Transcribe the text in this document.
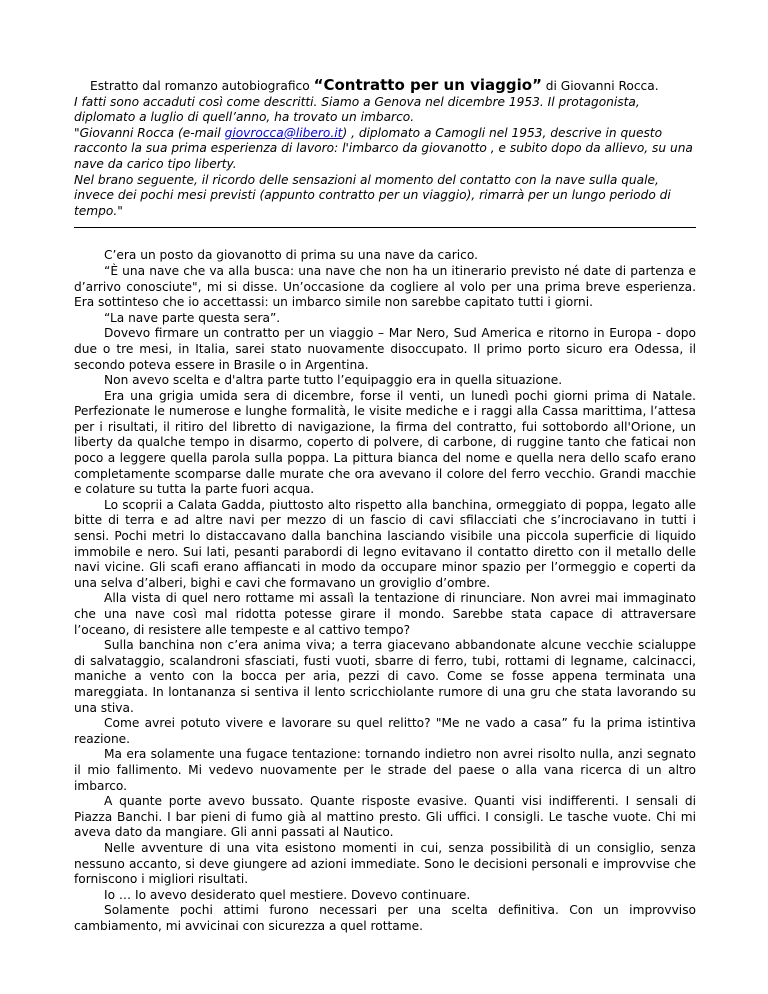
Estratto dal romanzo autobiografico “Contratto per un viaggio” di Giovanni Rocca.
I fatti sono accaduti così come descritti. Siamo a Genova nel dicembre 1953. Il protagonista, diplomato a luglio di quell’anno, ha trovato un imbarco.
"Giovanni Rocca (e-mail giovrocca@libero.it) , diplomato a Camogli nel 1953, descrive in questo racconto la sua prima esperienza di lavoro: l'imbarco da giovanotto , e subito dopo da allievo, su una nave da carico tipo liberty.
Nel brano seguente, il ricordo delle sensazioni al momento del contatto con la nave sulla quale, invece dei pochi mesi previsti (appunto contratto per un viaggio), rimarrà per un lungo periodo di tempo."

C’era un posto da giovanotto di prima su una nave da carico.

“È una nave che va alla busca: una nave che non ha un itinerario previsto né date di partenza e d’arrivo conosciute", mi si disse. Un’occasione da cogliere al volo per una prima breve esperienza. Era sottinteso che io accettassi: un imbarco simile non sarebbe capitato tutti i giorni.

“La nave parte questa sera”.

Dovevo firmare un contratto per un viaggio – Mar Nero, Sud America e ritorno in Europa - dopo due o tre mesi, in Italia, sarei stato nuovamente disoccupato. Il primo porto sicuro era Odessa, il secondo poteva essere in Brasile o in Argentina.

Non avevo scelta e d'altra parte tutto l’equipaggio era in quella situazione.

Era una grigia umida sera di dicembre, forse il venti, un lunedì pochi giorni prima di Natale. Perfezionate le numerose e lunghe formalità, le visite mediche e i raggi alla Cassa marittima, l’attesa per i risultati, il ritiro del libretto di navigazione, la firma del contratto, fui sottobordo all'Orione, un liberty da qualche tempo in disarmo, coperto di polvere, di carbone, di ruggine tanto che faticai non poco a leggere quella parola sulla poppa. La pittura bianca del nome e quella nera dello scafo erano completamente scomparse dalle murate che ora avevano il colore del ferro vecchio. Grandi macchie e colature su tutta la parte fuori acqua.

Lo scoprii a Calata Gadda, piuttosto alto rispetto alla banchina, ormeggiato di poppa, legato alle bitte di terra e ad altre navi per mezzo di un fascio di cavi sfilacciati che s’incrociavano in tutti i sensi. Pochi metri lo distaccavano dalla banchina lasciando visibile una piccola superficie di liquido immobile e nero. Sui lati, pesanti parabordi di legno evitavano il contatto diretto con il metallo delle navi vicine. Gli scafi erano affiancati in modo da occupare minor spazio per l’ormeggio e coperti da una selva d’alberi, bighi e cavi che formavano un groviglio d’ombre.

Alla vista di quel nero rottame mi assalì la tentazione di rinunciare. Non avrei mai immaginato che una nave così mal ridotta potesse girare il mondo. Sarebbe stata capace di attraversare l’oceano, di resistere alle tempeste e al cattivo tempo?

Sulla banchina non c’era anima viva; a terra giacevano abbandonate alcune vecchie scialuppe di salvataggio, scalandroni sfasciati, fusti vuoti, sbarre di ferro, tubi, rottami di legname, calcinacci, maniche a vento con la bocca per aria, pezzi di cavo. Come se fosse appena terminata una mareggiata. In lontananza si sentiva il lento scricchiolante rumore di una gru che stata lavorando su una stiva.

Come avrei potuto vivere e lavorare su quel relitto? "Me ne vado a casa” fu la prima istintiva reazione.

Ma era solamente una fugace tentazione: tornando indietro non avrei risolto nulla, anzi segnato il mio fallimento. Mi vedevo nuovamente per le strade del paese o alla vana ricerca di un altro imbarco.

A quante porte avevo bussato. Quante risposte evasive. Quanti visi indifferenti. I sensali di Piazza Banchi. I bar pieni di fumo già al mattino presto. Gli uffici. I consigli. Le tasche vuote. Chi mi aveva dato da mangiare. Gli anni passati al Nautico.

Nelle avventure di una vita esistono momenti in cui, senza possibilità di un consiglio, senza nessuno accanto, si deve giungere ad azioni immediate. Sono le decisioni personali e improvvise che forniscono i migliori risultati.

Io … Io avevo desiderato quel mestiere. Dovevo continuare.

Solamente pochi attimi furono necessari per una scelta definitiva. Con un improvviso cambiamento, mi avvicinai con sicurezza a quel rottame.
